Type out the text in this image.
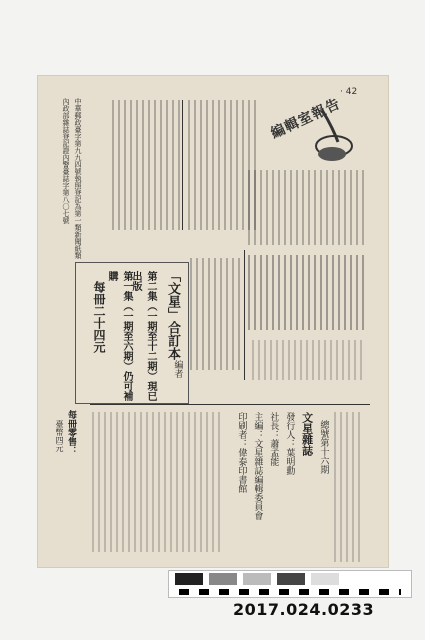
· 42
編輯室報告
中華郵政臺字第九九四號執照登記為第一類新聞紙類
內政部雜誌登記證內警臺誌字第八〇七號
「文星」合訂本
第二集（一期至十二期）現已出版
第一集（一期至六期）仍可補購
每冊二十四元
編者
文星雜誌
發行人：葉明勳
社長：蕭孟能
主編：文星雜誌編輯委員會
印刷者：偉泰印書館	總號第十六期
每冊零售：
臺幣四元
2017.024.0233
